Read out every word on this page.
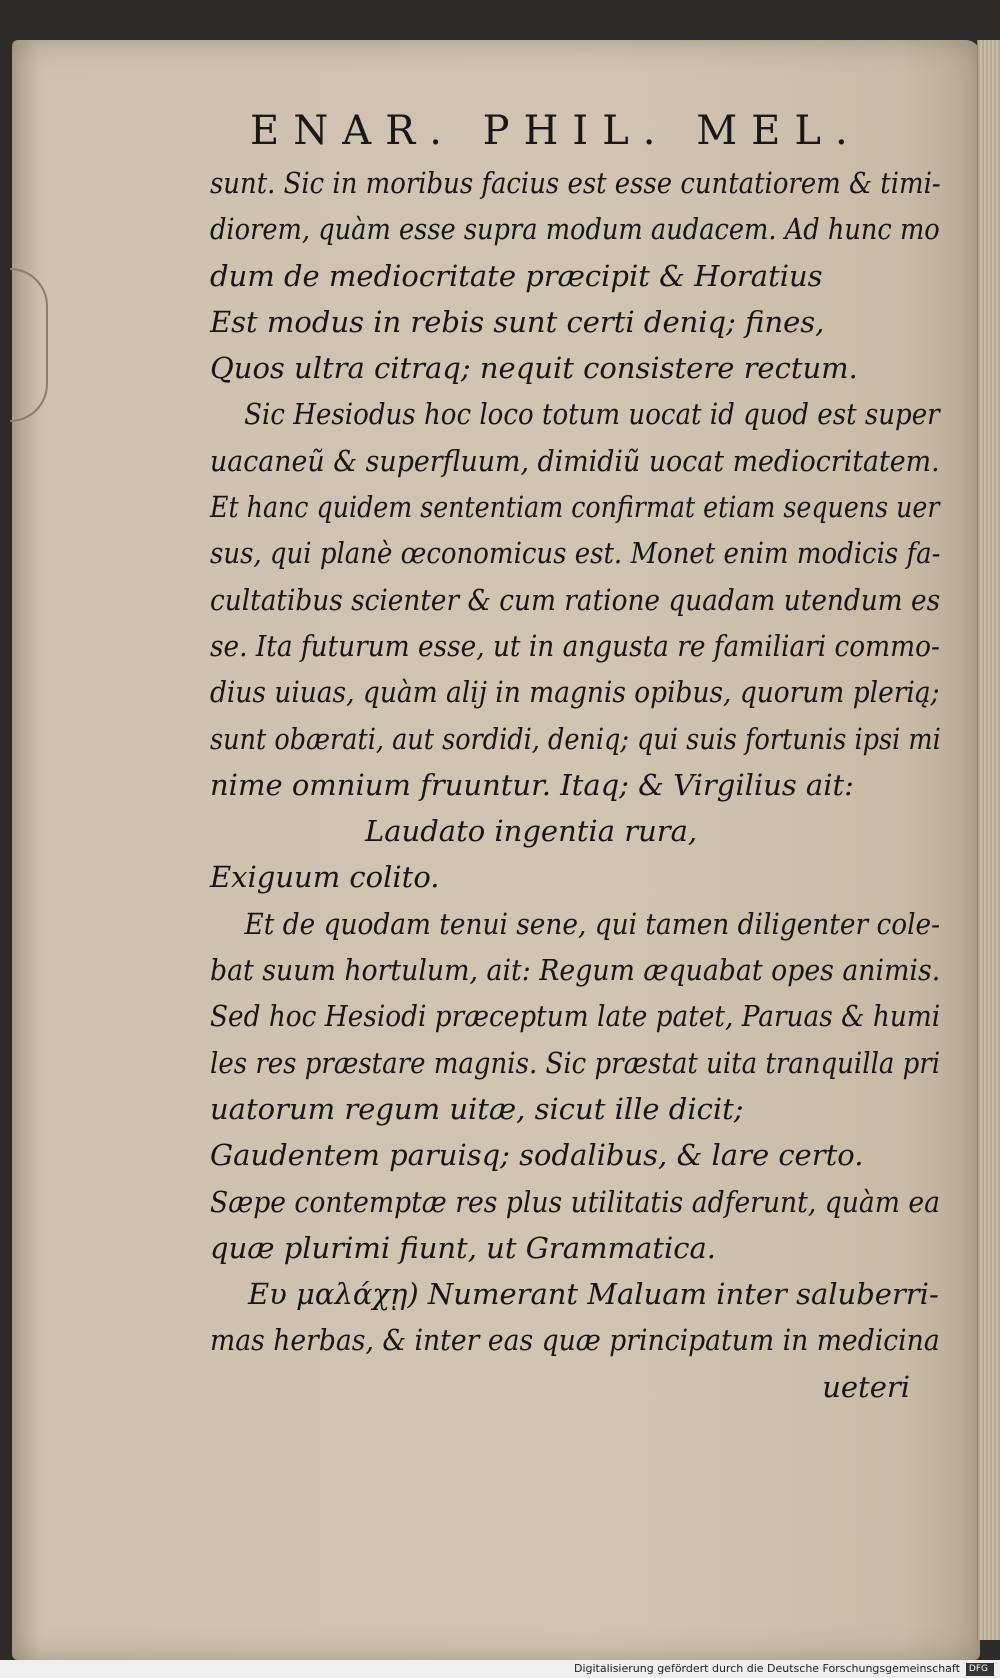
ENAR. PHIL. MEL.
sunt. Sic in moribus facius est esse cuntatiorem & timi-
diorem, quàm esse supra modum audacem. Ad hunc mo
dum de mediocritate præcipit & Horatius
Est modus in rebis sunt certi deniq; fines,
Quos ultra citraq; nequit consistere rectum.
Sic Hesiodus hoc loco totum uocat id quod est super
uacaneũ & superfluum, dimidiũ uocat mediocritatem.
Et hanc quidem sententiam confirmat etiam sequens uer
sus, qui planè œconomicus est. Monet enim modicis fa-
cultatibus scienter & cum ratione quadam utendum es
se. Ita futurum esse, ut in angusta re familiari commo-
dius uiuas, quàm alij in magnis opibus, quorum plerią;
sunt obærati, aut sordidi, deniq; qui suis fortunis ipsi mi
nime omnium fruuntur. Itaq; & Virgilius ait:
Laudato ingentia rura,
Exiguum colito.
Et de quodam tenui sene, qui tamen diligenter cole-
bat suum hortulum, ait: Regum æquabat opes animis.
Sed hoc Hesiodi præceptum late patet, Paruas & humi
les res præstare magnis. Sic præstat uita tranquilla pri
uatorum regum uitæ, sicut ille dicit;
Gaudentem paruisq; sodalibus, & lare certo.
Sæpe contemptæ res plus utilitatis adferunt, quàm ea
quæ plurimi fiunt, ut Grammatica.
Ευ μαλάχῃ) Numerant Maluam inter saluberri-
mas herbas, & inter eas quæ principatum in medicina
ueteri
Digitalisierung gefördert durch die Deutsche Forschungsgemeinschaft DFG
